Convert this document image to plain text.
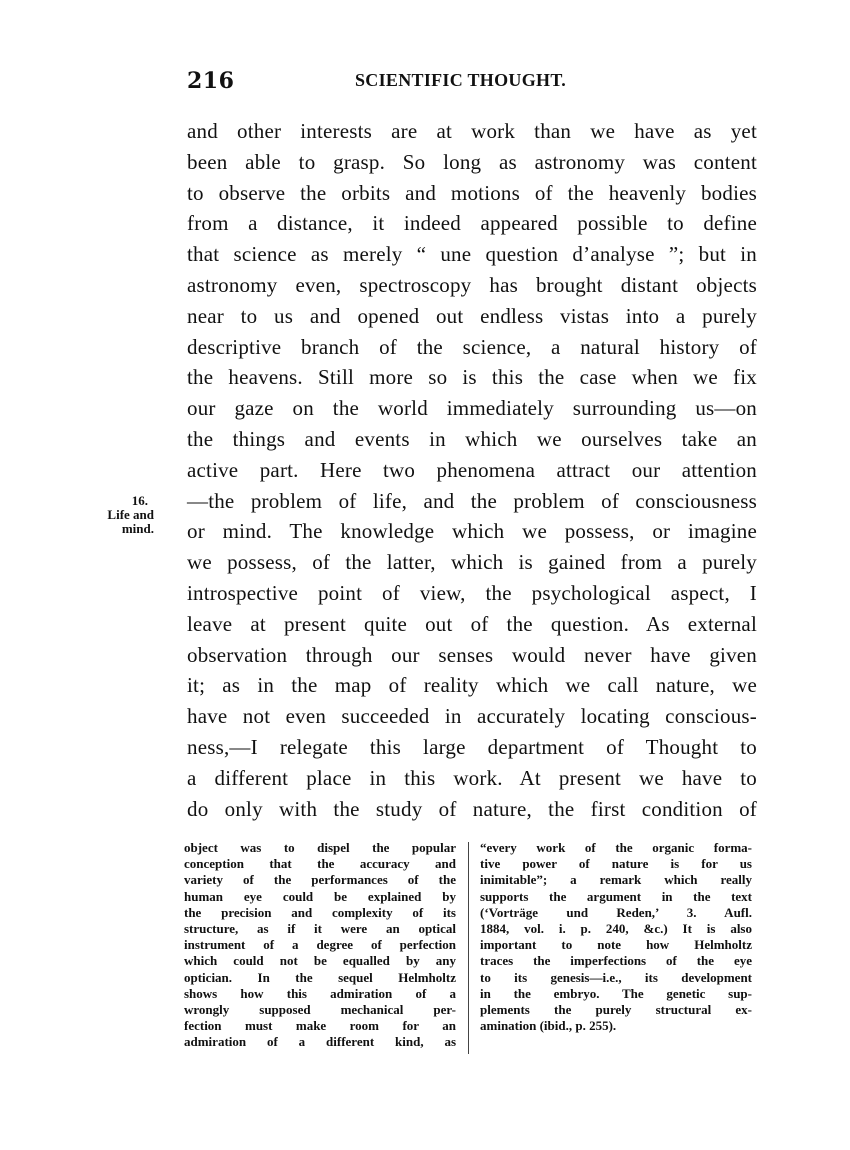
216	SCIENTIFIC THOUGHT.
and other interests are at work than we have as yet
been able to grasp. So long as astronomy was content
to observe the orbits and motions of the heavenly bodies
from a distance, it indeed appeared possible to define
that science as merely “ une question d’analyse ”; but in
astronomy even, spectroscopy has brought distant objects
near to us and opened out endless vistas into a purely
descriptive branch of the science, a natural history of
the heavens. Still more so is this the case when we fix
our gaze on the world immediately surrounding us—on
the things and events in which we ourselves take an
active part. Here two phenomena attract our attention
—the problem of life, and the problem of consciousness
or mind. The knowledge which we possess, or imagine
we possess, of the latter, which is gained from a purely
introspective point of view, the psychological aspect, I
leave at present quite out of the question. As external
observation through our senses would never have given
it; as in the map of reality which we call nature, we
have not even succeeded in accurately locating conscious-
ness,—I relegate this large department of Thought to
a different place in this work. At present we have to
do only with the study of nature, the first condition of
16.
Life and
mind.
object was to dispel the popular
conception that the accuracy and
variety of the performances of the
human eye could be explained by
the precision and complexity of its
structure, as if it were an optical
instrument of a degree of perfection
which could not be equalled by any
optician. In the sequel Helmholtz
shows how this admiration of a
wrongly supposed mechanical per-
fection must make room for an
admiration of a different kind, as
“every work of the organic forma-
tive power of nature is for us
inimitable”; a remark which really
supports the argument in the text
(‘Vorträge und Reden,’ 3. Aufl.
1884, vol. i. p. 240, &c.) It is also
important to note how Helmholtz
traces the imperfections of the eye
to its genesis—i.e., its development
in the embryo. The genetic sup-
plements the purely structural ex-
amination (ibid., p. 255).
